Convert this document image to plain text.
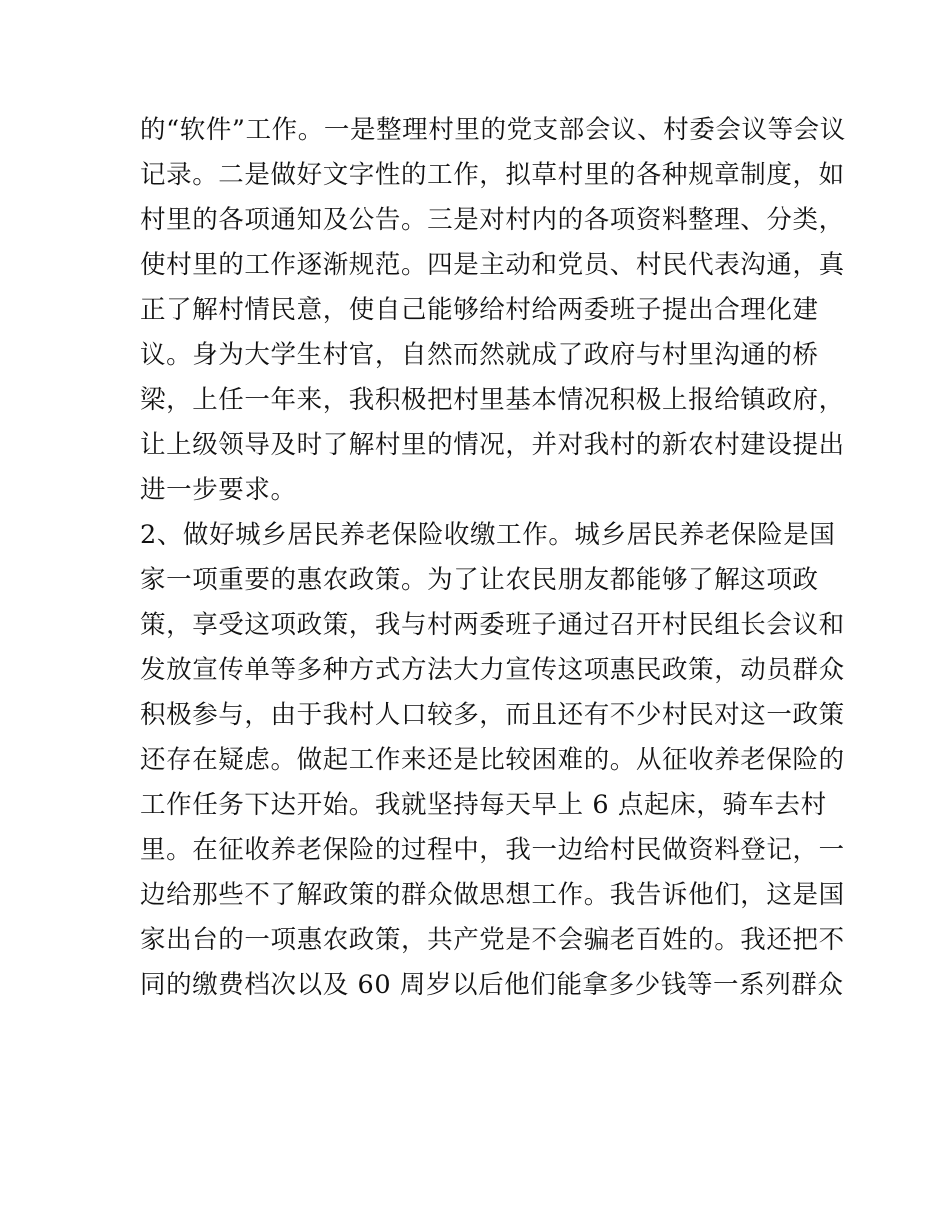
的“软件”工作。一是整理村里的党支部会议、村委会议等会议
记录。二是做好文字性的工作，拟草村里的各种规章制度，如
村里的各项通知及公告。三是对村内的各项资料整理、分类，
使村里的工作逐渐规范。四是主动和党员、村民代表沟通，真
正了解村情民意，使自己能够给村给两委班子提出合理化建
议。身为大学生村官，自然而然就成了政府与村里沟通的桥
梁，上任一年来，我积极把村里基本情况积极上报给镇政府，
让上级领导及时了解村里的情况，并对我村的新农村建设提出
进一步要求。
2、做好城乡居民养老保险收缴工作。城乡居民养老保险是国
家一项重要的惠农政策。为了让农民朋友都能够了解这项政
策，享受这项政策，我与村两委班子通过召开村民组长会议和
发放宣传单等多种方式方法大力宣传这项惠民政策，动员群众
积极参与，由于我村人口较多，而且还有不少村民对这一政策
还存在疑虑。做起工作来还是比较困难的。从征收养老保险的
工作任务下达开始。我就坚持每天早上 6 点起床，骑车去村
里。在征收养老保险的过程中，我一边给村民做资料登记，一
边给那些不了解政策的群众做思想工作。我告诉他们，这是国
家出台的一项惠农政策，共产党是不会骗老百姓的。我还把不
同的缴费档次以及 60 周岁以后他们能拿多少钱等一系列群众
